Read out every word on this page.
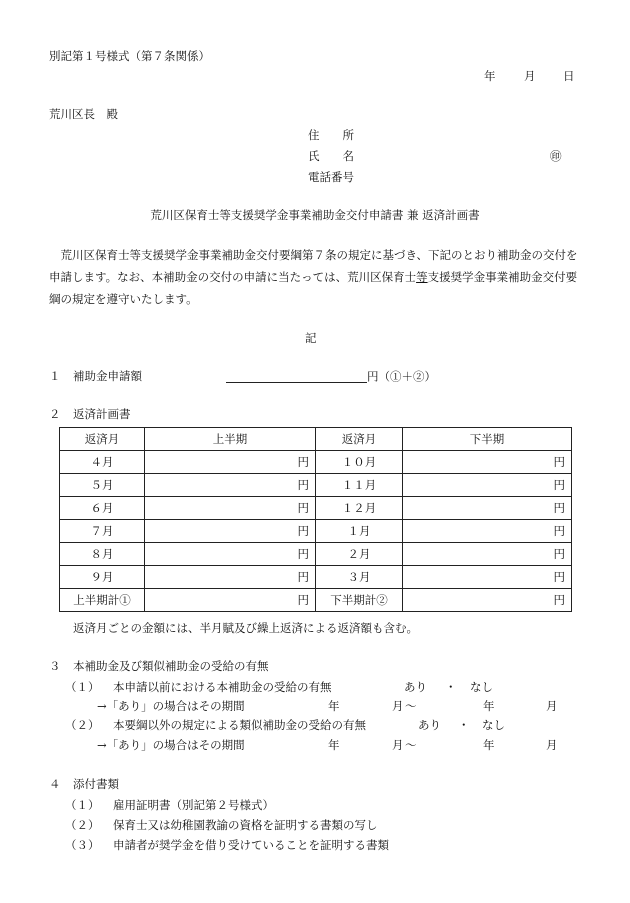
別記第１号様式（第７条関係）
年 月 日
荒川区長　殿
住　　所
氏　　名	㊞
電話番号
荒川区保育士等支援奨学金事業補助金交付申請書 兼 返済計画書
荒川区保育士等支援奨学金事業補助金交付要綱第７条の規定に基づき、下記のとおり補助金の交付を申請します。なお、本補助金の交付の申請に当たっては、荒川区保育士等支援奨学金事業補助金交付要綱の規定を遵守いたします。
記
１ 補助金申請額	円（①＋②）
２ 返済計画書
返済月	上半期	返済月	下半期
４月	円	１０月	円
５月	円	１１月	円
６月	円	１２月	円
７月	円	１月	円
８月	円	２月	円
９月	円	３月	円
上半期計①	円	下半期計②	円
返済月ごとの金額には、半月賦及び繰上返済による返済額も含む。
３ 本補助金及び類似補助金の受給の有無
（１） 本申請以前における本補助金の受給の有無	あり ・ なし
→「あり」の場合はその期間	年	月 ～	年	月
（２） 本要綱以外の規定による類似補助金の受給の有無	あり ・ なし
→「あり」の場合はその期間	年	月 ～	年	月
４ 添付書類
（１） 雇用証明書（別記第２号様式）
（２） 保育士又は幼稚園教諭の資格を証明する書類の写し
（３） 申請者が奨学金を借り受けていることを証明する書類
